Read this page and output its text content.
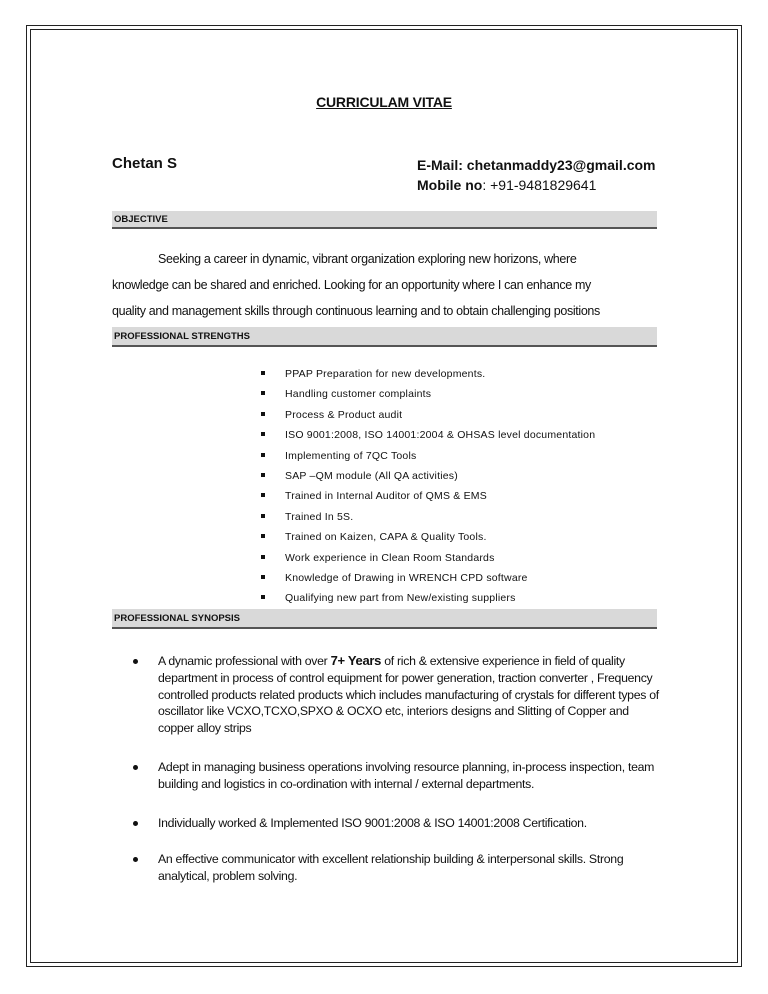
CURRICULAM VITAE
Chetan S	E-Mail: chetanmaddy23@gmail.com
Mobile no: +91-9481829641
OBJECTIVE
Seeking a career in dynamic, vibrant organization exploring new horizons, where
knowledge can be shared and enriched. Looking for an opportunity where I can enhance my
quality and management skills through continuous learning and to obtain challenging positions
PROFESSIONAL STRENGTHS
PPAP Preparation for new developments.
Handling customer complaints
Process & Product audit
ISO 9001:2008, ISO 14001:2004 & OHSAS level documentation
Implementing of 7QC Tools
SAP –QM module (All QA activities)
Trained in Internal Auditor of QMS & EMS
Trained In 5S.
Trained on Kaizen, CAPA & Quality Tools.
Work experience in Clean Room Standards
Knowledge of Drawing in WRENCH CPD software
Qualifying new part from New/existing suppliers
PROFESSIONAL SYNOPSIS
A dynamic professional with over 7+ Years of rich & extensive experience in field of quality department in process of control equipment for power generation, traction converter , Frequency controlled products related products which includes manufacturing of crystals for different types of oscillator like VCXO,TCXO,SPXO & OCXO etc, interiors designs and Slitting of Copper and copper alloy strips
Adept in managing business operations involving resource planning, in-process inspection, team building and logistics in co-ordination with internal / external departments.
Individually worked & Implemented ISO 9001:2008 & ISO 14001:2008 Certification.
An effective communicator with excellent relationship building & interpersonal skills. Strong analytical, problem solving.
